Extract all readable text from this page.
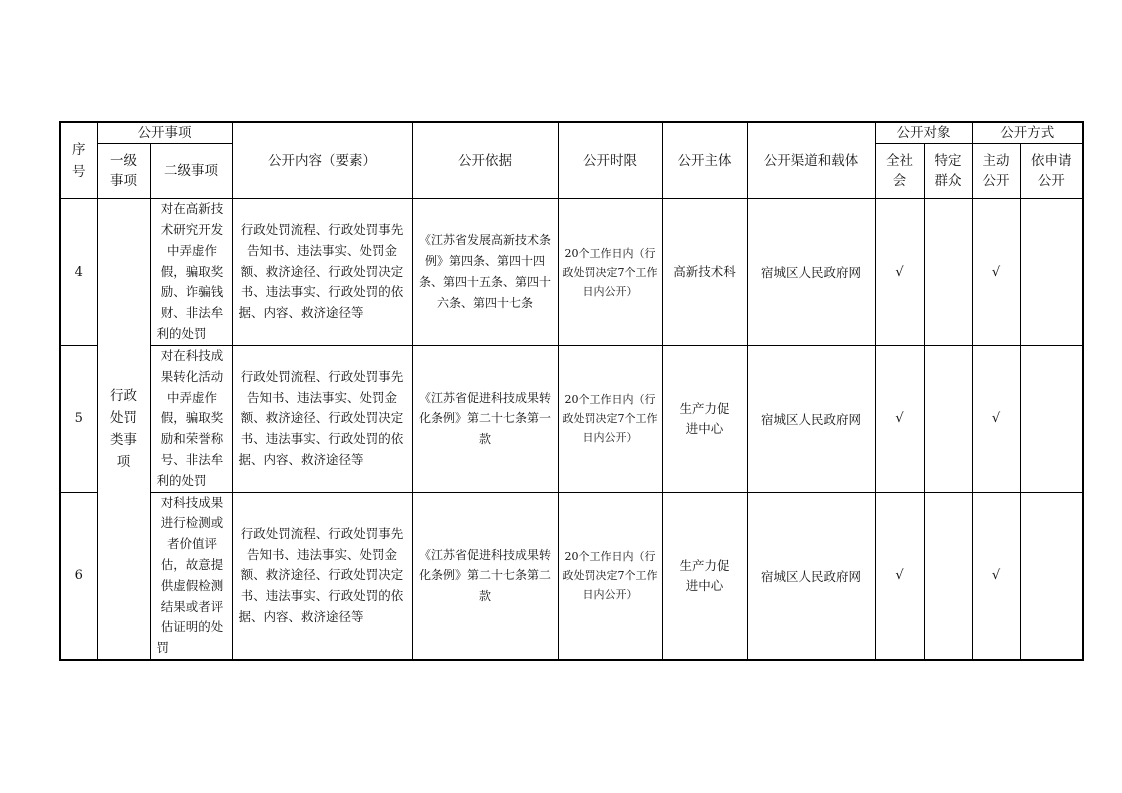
序号	公开事项		公开内容（要素）	公开依据	公开时限	公开主体	公开渠道和载体	公开对象		公开方式	
	一级事项	二级事项						全社会	特定群众	主动公开	依申请公开
4	行政处罚类事项	对在高新技术研究开发中弄虚作假，骗取奖励、诈骗钱财、非法牟利的处罚	行政处罚流程、行政处罚事先告知书、违法事实、处罚金额、救济途径、行政处罚决定书、违法事实、行政处罚的依据、内容、救济途径等	《江苏省发展高新技术条例》第四条、第四十四条、第四十五条、第四十六条、第四十七条	20个工作日内（行政处罚决定7个工作日内公开）	高新技术科	宿城区人民政府网	√		√	
5		对在科技成果转化活动中弄虚作假，骗取奖励和荣誉称号、非法牟利的处罚	行政处罚流程、行政处罚事先告知书、违法事实、处罚金额、救济途径、行政处罚决定书、违法事实、行政处罚的依据、内容、救济途径等	《江苏省促进科技成果转化条例》第二十七条第一款	20个工作日内（行政处罚决定7个工作日内公开）	生产力促进中心	宿城区人民政府网	√		√	
6		对科技成果进行检测或者价值评估，故意提供虚假检测结果或者评估证明的处罚	行政处罚流程、行政处罚事先告知书、违法事实、处罚金额、救济途径、行政处罚决定书、违法事实、行政处罚的依据、内容、救济途径等	《江苏省促进科技成果转化条例》第二十七条第二款	20个工作日内（行政处罚决定7个工作日内公开）	生产力促进中心	宿城区人民政府网	√		√	
